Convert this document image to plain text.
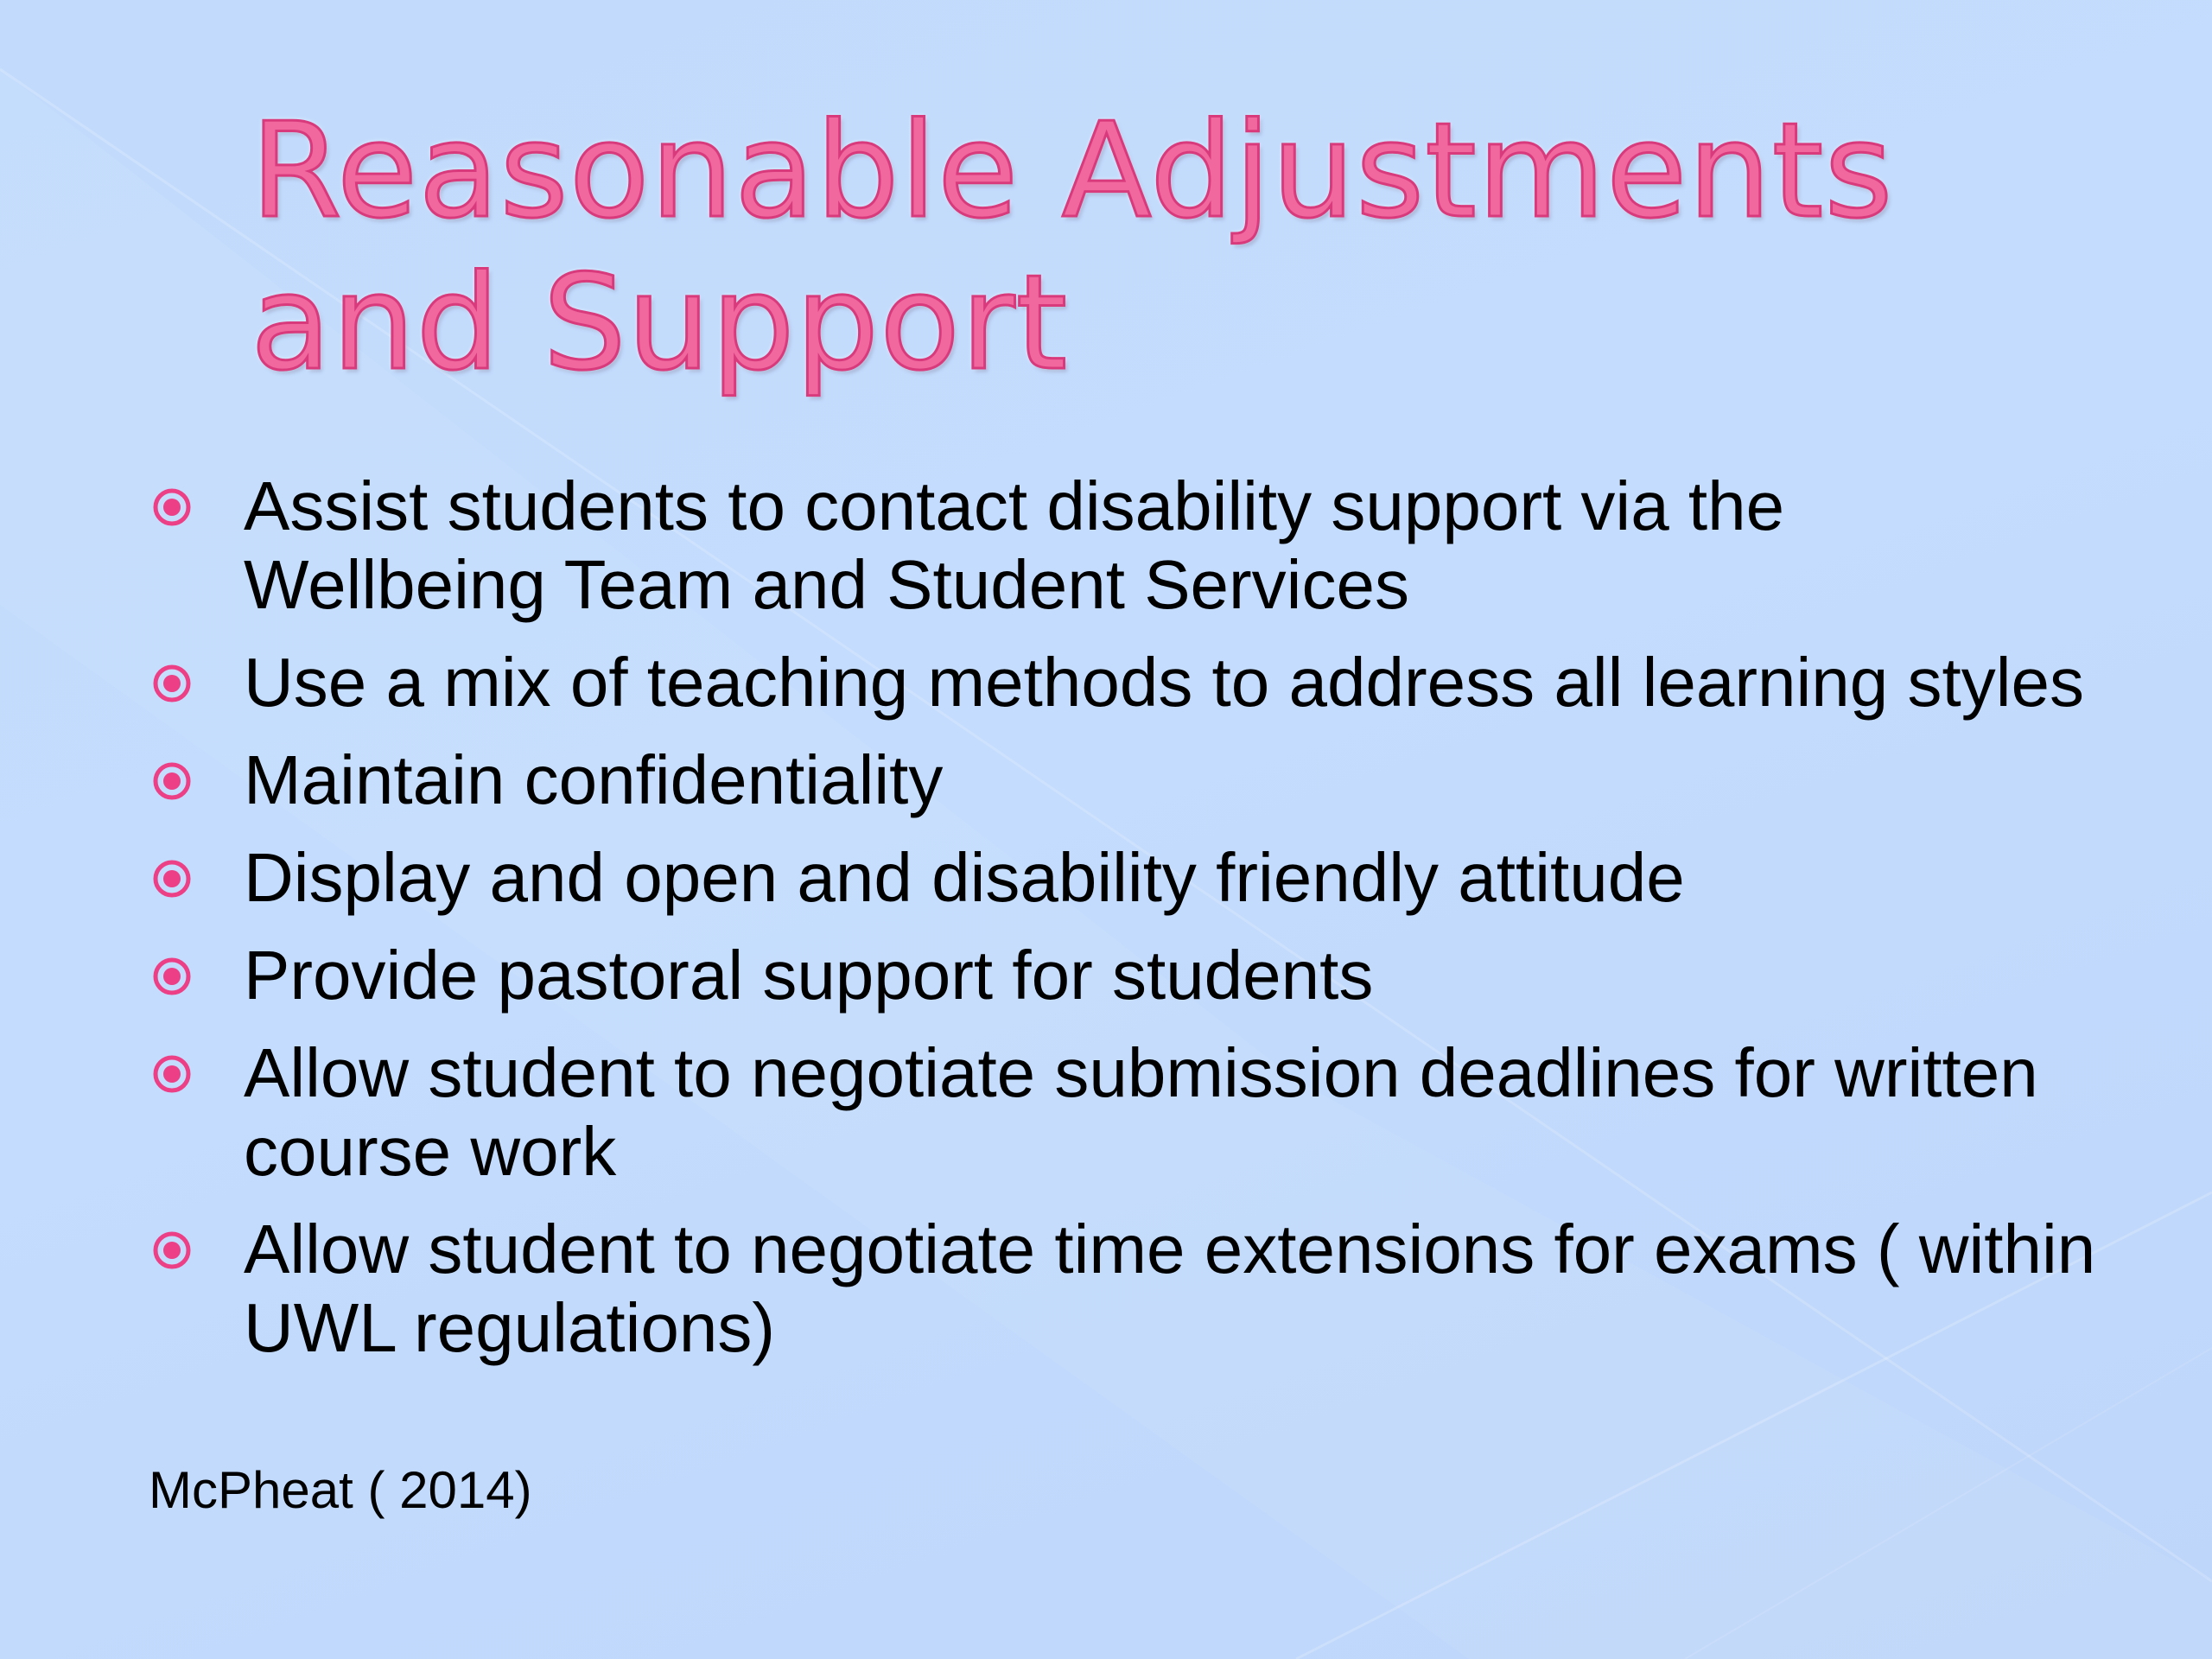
Reasonable Adjustments and Support
Assist students to contact disability support via the Wellbeing Team and Student Services
Use a mix of teaching methods to address all learning styles
Maintain confidentiality
Display and open and disability friendly attitude
Provide pastoral support for students
Allow student to negotiate submission deadlines for written course work
Allow student to negotiate time extensions for exams ( within UWL regulations)

McPheat ( 2014)
